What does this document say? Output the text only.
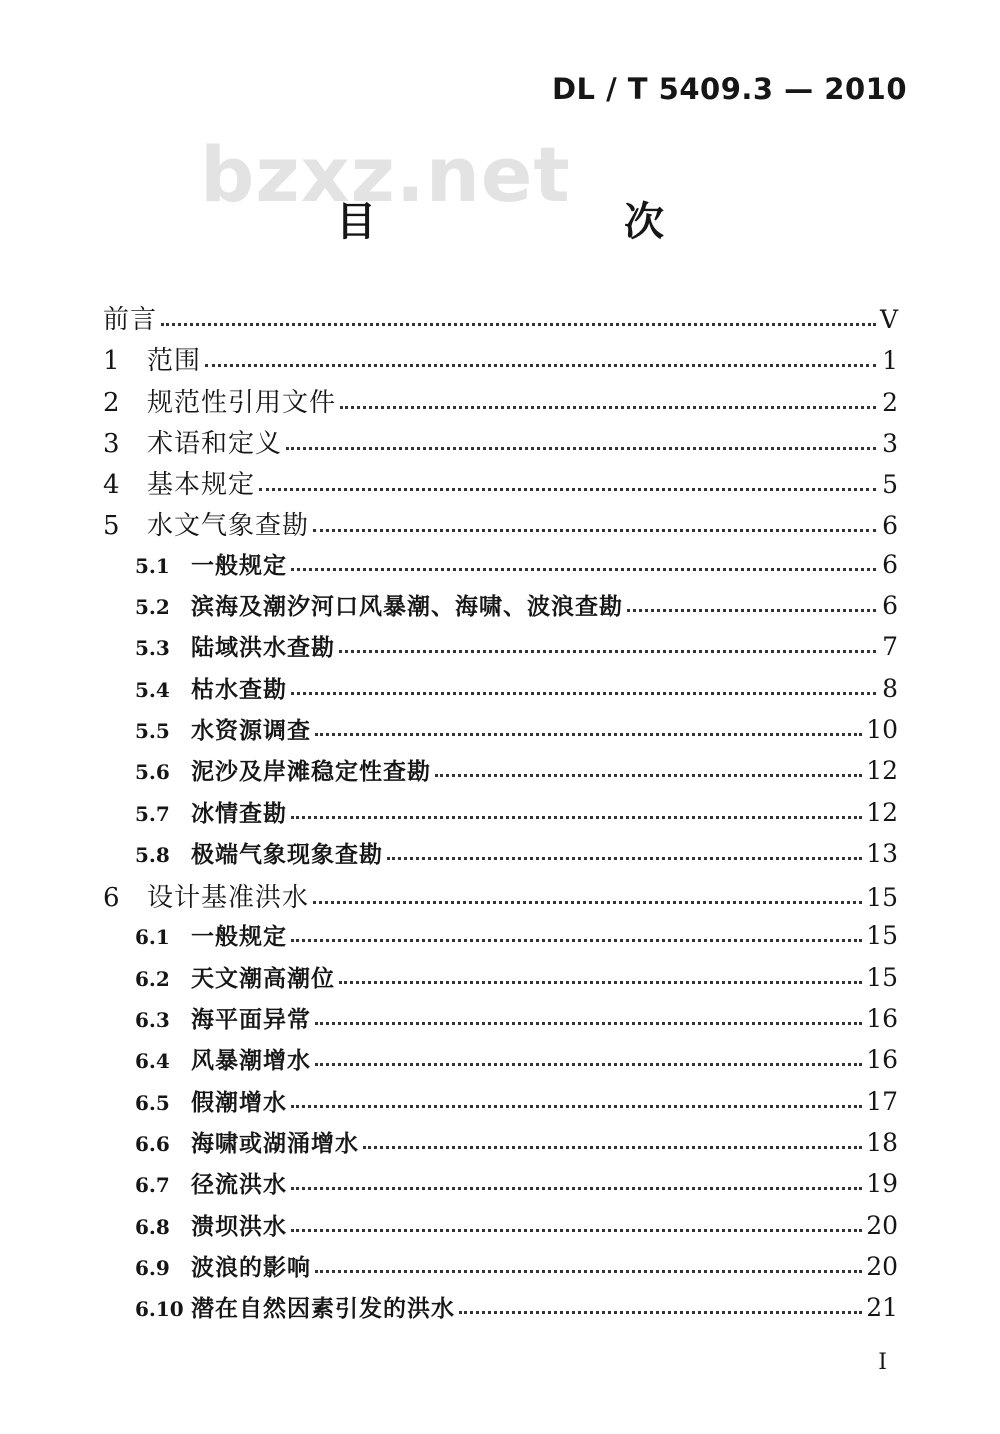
DL / T 5409.3 — 2010
bzxz.net
目　　次
前言	V
1	范围	1
2	规范性引用文件	2
3	术语和定义	3
4	基本规定	5
5	水文气象查勘	6
5.1 一般规定	6
5.2 滨海及潮汐河口风暴潮、海啸、波浪查勘	6
5.3 陆域洪水查勘	7
5.4 枯水查勘	8
5.5 水资源调查	10
5.6 泥沙及岸滩稳定性查勘	12
5.7 冰情查勘	12
5.8 极端气象现象查勘	13
6	设计基准洪水	15
6.1 一般规定	15
6.2 天文潮高潮位	15
6.3 海平面异常	16
6.4 风暴潮增水	16
6.5 假潮增水	17
6.6 海啸或湖涌增水	18
6.7 径流洪水	19
6.8 溃坝洪水	20
6.9 波浪的影响	20
6.10 潜在自然因素引发的洪水	21
I
